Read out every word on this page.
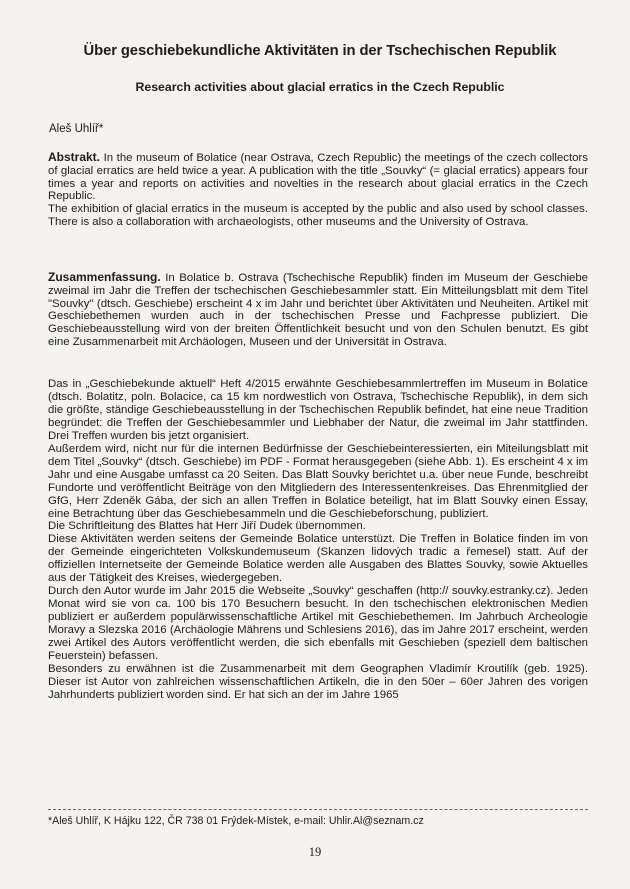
Über geschiebekundliche Aktivitäten in der Tschechischen Republik
Research activities about glacial erratics in the Czech Republic

Aleš Uhlíř*

Abstrakt. In the museum of Bolatice (near Ostrava, Czech Republic) the meetings of the czech collectors of glacial erratics are held twice a year. A publication with the title „Souvky“ (= glacial erratics) appears four times a year and reports on activities and novelties in the research about glacial erratics in the Czech Republic.

The exhibition of glacial erratics in the museum is accepted by the public and also used by school classes. There is also a collaboration with archaeologists, other museums and the University of Ostrava.

Zusammenfassung. In Bolatice b. Ostrava (Tschechische Republik) finden im Museum der Geschiebe zweimal im Jahr die Treffen der tschechischen Geschiebesammler statt. Ein Mitteilungsblatt mit dem Titel "Souvky" (dtsch. Geschiebe) erscheint 4 x im Jahr und berichtet über Aktivitäten und Neuheiten. Artikel mit Geschiebethemen wurden auch in der tschechischen Presse und Fachpresse publiziert. Die Geschiebeausstellung wird von der breiten Öffentlichkeit besucht und von den Schulen benutzt. Es gibt eine Zusammenarbeit mit Archäologen, Museen und der Universität in Ostrava.

Das in „Geschiebekunde aktuell“ Heft 4/2015 erwähnte Geschiebesammlertreffen im Museum in Bolatice (dtsch. Bolatitz, poln. Bolacice, ca 15 km nordwestlich von Ostrava, Tschechische Republik), in dem sich die größte, ständige Geschiebeausstellung in der Tschechischen Republik befindet, hat eine neue Tradition begründet: die Treffen der Geschiebesammler und Liebhaber der Natur, die zweimal im Jahr stattfinden. Drei Treffen wurden bis jetzt organisiert.

Außerdem wird, nicht nur für die internen Bedürfnisse der Geschiebeinteressierten, ein Miteilungsblatt mit dem Titel „Souvky“ (dtsch. Geschiebe) im PDF - Format herausgegeben (siehe Abb. 1). Es erscheint 4 x im Jahr und eine Ausgabe umfasst ca 20 Seiten. Das Blatt Souvky berichtet u.a. über neue Funde, beschreibt Fundorte und veröffentlicht Beiträge von den Mitgliedern des Interessentenkreises. Das Ehrenmitglied der GfG, Herr Zdeněk Gába, der sich an allen Treffen in Bolatice beteiligt, hat im Blatt Souvky einen Essay, eine Betrachtung über das Geschiebesammeln und die Geschiebeforschung, publiziert.

Die Schriftleitung des Blattes hat Herr Jiří Dudek übernommen.

Diese Aktivitäten werden seitens der Gemeinde Bolatice unterstüzt. Die Treffen in Bolatice finden im von der Gemeinde eingerichteten Volkskundemuseum (Skanzen lidových tradic a řemesel) statt. Auf der offiziellen Internetseite der Gemeinde Bolatice werden alle Ausgaben des Blattes Souvky, sowie Aktuelles aus der Tätigkeit des Kreises, wiedergegeben.

Durch den Autor wurde im Jahr 2015 die Webseite „Souvky“ geschaffen (http:// souvky.estranky.cz). Jeden Monat wird sie von ca. 100 bis 170 Besuchern besucht. In den tschechischen elektronischen Medien publiziert er außerdem populärwissenschaftliche Artikel mit Geschiebethemen. Im Jahrbuch Archeologie Moravy a Slezska 2016 (Archäologie Mährens und Schlesiens 2016), das im Jahre 2017 erscheint, werden zwei Artikel des Autors veröffentlicht werden, die sich ebenfalls mit Geschieben (speziell dem baltischen Feuerstein) befassen.

Besonders zu erwähnen ist die Zusammenarbeit mit dem Geographen Vladimír Kroutilík (geb. 1925). Dieser ist Autor von zahlreichen wissenschaftlichen Artikeln, die in den 50er – 60er Jahren des vorigen Jahrhunderts publiziert worden sind. Er hat sich an der im Jahre 1965

*Aleš Uhlíř, K Hájku 122, ČR 738 01 Frýdek-Místek, e-mail: Uhlir.Al@seznam.cz

19
